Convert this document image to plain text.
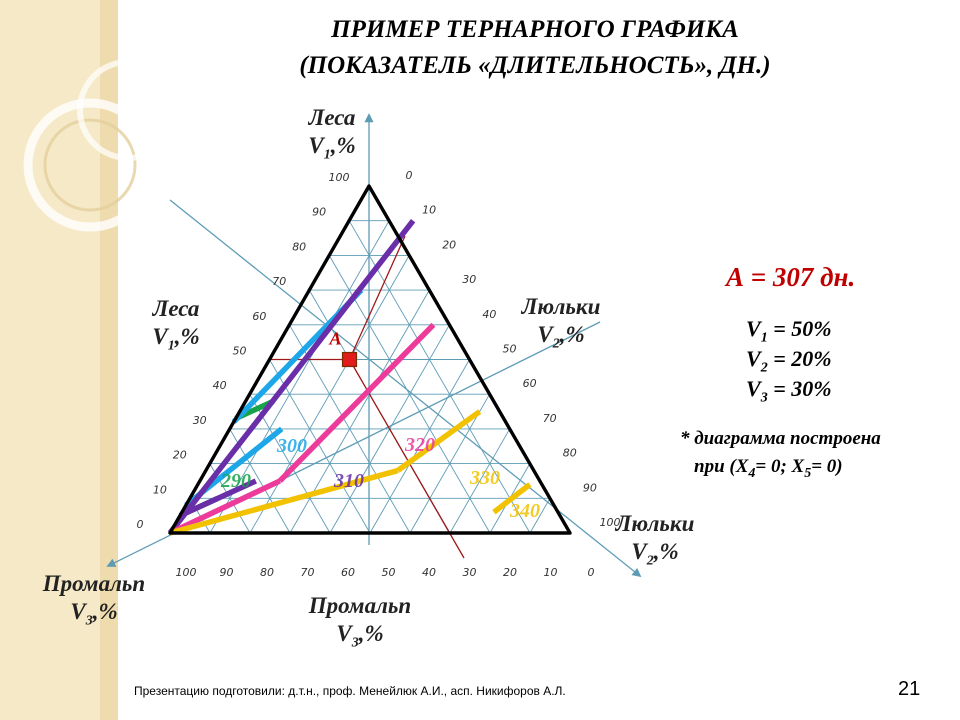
ПРИМЕР ТЕРНАРНОГО ГРАФИКА
(ПОКАЗАТЕЛЬ «ДЛИТЕЛЬНОСТЬ», ДН.)
0
0
100
10
10
90
20
20
80
30
30
70
40
40
60
50	50
50
60
60
40
70
70
30
80
80
20
90
90
10
100
100
0
290
300
310
320
330
340
А
Леса
$V_1,\%$
Леса
$V_1,\%$
Люльки
$V_2,\%$
Люльки
$V_2,\%$
Промальп
$V_3,\%$	Промальп
$V_3,\%$
А = 307 дн.
$V_1 = 50\%$
$V_2 = 20\%$
$V_3 = 30\%$
* диаграмма построена
при ($X_4= 0$; $X_5= 0$)
Презентацию подготовили: д.т.н., проф. Менейлюк А.И., асп. Никифоров А.Л.	21
